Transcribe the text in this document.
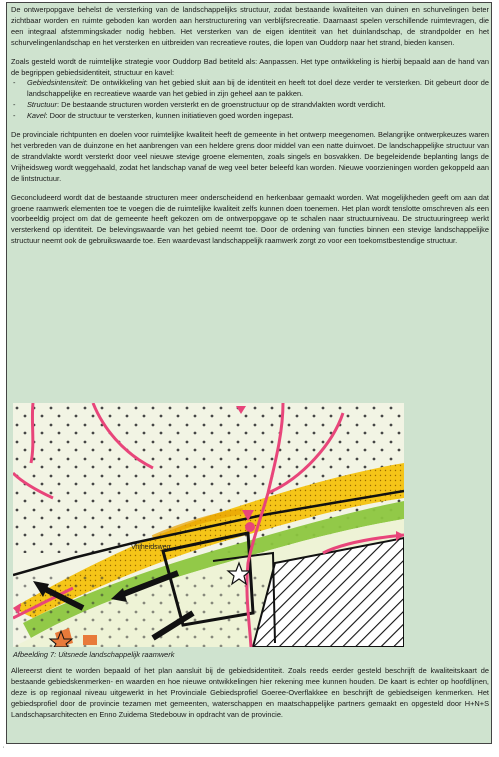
De ontwerpopgave behelst de versterking van de landschappelijks structuur, zodat bestaande kwaliteiten van duinen en schurvelingen beter zichtbaar worden en ruimte geboden kan worden aan herstructurering van verblijfsrecreatie. Daarnaast spelen verschillende ruimtevragen, die een integraal afstemmingskader nodig hebben. Het versterken van de eigen identiteit van het duinlandschap, de strandpolder en het schurvelingenlandschap en het versterken en uitbreiden van recreatieve routes, die lopen van Ouddorp naar het strand, bieden kansen.

Zoals gesteld wordt de ruimtelijke strategie voor Ouddorp Bad betiteld als: Aanpassen. Het type ontwikkeling is hierbij bepaald aan de hand van de begrippen gebiedsidentiteit, structuur en kavel:

- Gebiedsintensiteit: De ontwikkeling van het gebied sluit aan bij de identiteit en heeft tot doel deze verder te versterken. Dit gebeurt door de landschappelijke en recreatieve waarde van het gebied in zijn geheel aan te pakken.
- Structuur: De bestaande structuren worden versterkt en de groenstructuur op de strandvlakten wordt verdicht.
- Kavel: Door de structuur te versterken, kunnen initiatieven goed worden ingepast.

De provinciale richtpunten en doelen voor ruimtelijke kwaliteit heeft de gemeente in het ontwerp meegenomen. Belangrijke ontwerpkeuzes waren het verbreden van de duinzone en het aanbrengen van een heldere grens door middel van een natte duinvoet. De landschappelijke structuur van de strandvlakte wordt versterkt door veel nieuwe stevige groene elementen, zoals singels en bosvakken. De begeleidende beplanting langs de Vrijheidsweg wordt weggehaald, zodat het landschap vanaf de weg veel beter beleefd kan worden. Nieuwe voorzieningen worden gekoppeld aan de lintstructuur.

Geconcludeerd wordt dat de bestaande structuren meer onderscheidend en herkenbaar gemaakt worden. Wat mogelijkheden geeft om aan dat groene raamwerk elementen toe te voegen die de ruimtelijke kwaliteit zelfs kunnen doen toenemen. Het plan wordt tenslotte omschreven als een voorbeeldig project om dat de gemeente heeft gekozen om de ontwerpopgave op te schalen naar structuurniveau. De structuuringreep werkt versterkend op identiteit. De belevingswaarde van het gebied neemt toe. Door de ordening van functies binnen een stevige landschappelijke structuur neemt ook de gebruikswaarde toe. Een waardevast landschappelijk raamwerk zorgt zo voor een toekomstbestendige structuur.

Vrijheidsweg
Afbeelding 7: Uitsnede landschappelijk raamwerk

Allereerst dient te worden bepaald of het plan aansluit bij de gebiedsidentiteit. Zoals reeds eerder gesteld beschrijft de kwaliteitskaart de bestaande gebiedskenmerken- en waarden en hoe nieuwe ontwikkelingen hier rekening mee kunnen houden. De kaart is echter op hoofdlijnen, deze is op regionaal niveau uitgewerkt in het Provinciale Gebiedsprofiel Goeree-Overflakkee en beschrijft de gebiedseigen kenmerken. Het gebiedsprofiel door de provincie tezamen met gemeenten, waterschappen en maatschappelijke partners gemaakt en opgesteld door H+N+S Landschapsarchitecten en Enno Zuidema Stedebouw in opdracht van de provincie.

'
